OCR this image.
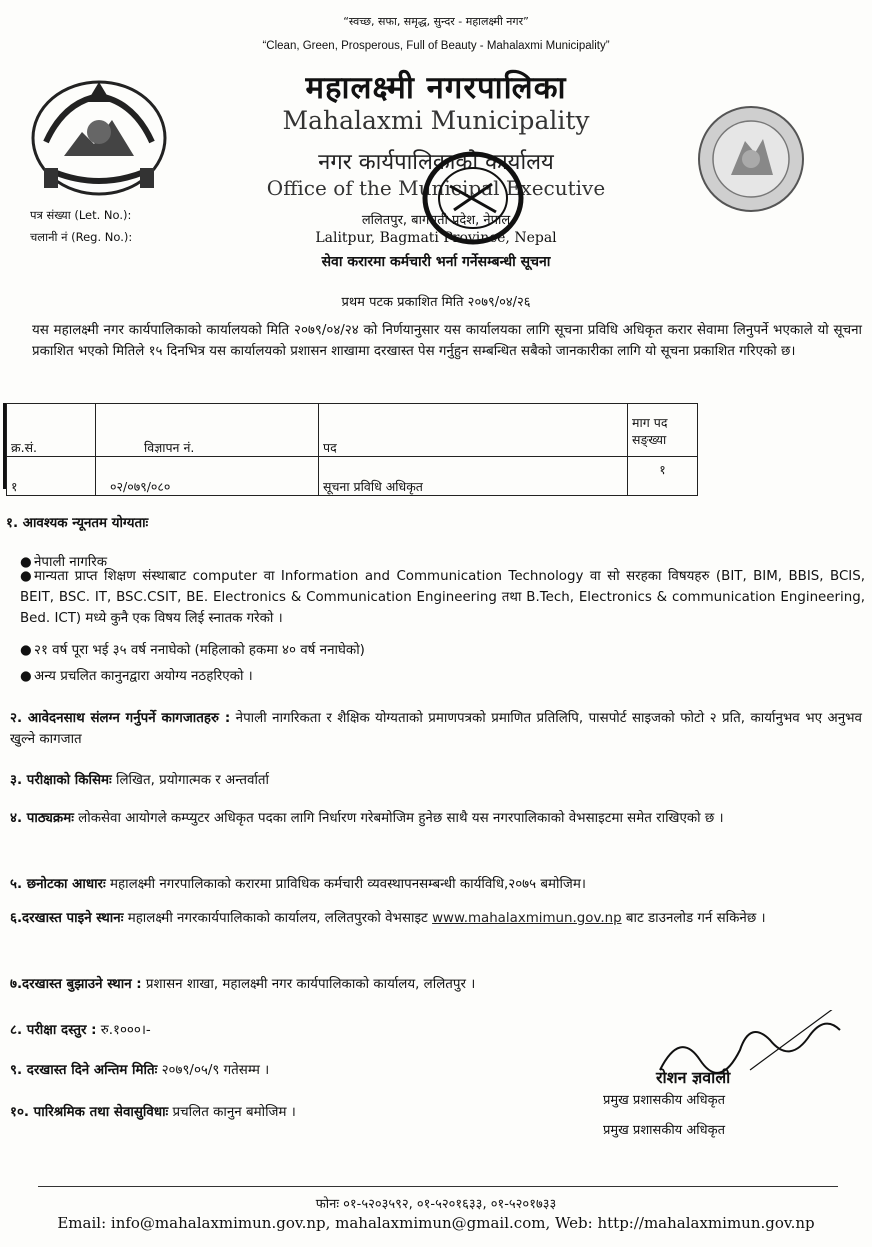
“स्वच्छ, सफा, समृद्ध, सुन्दर - महालक्ष्मी नगर”
“Clean, Green, Prosperous, Full of Beauty - Mahalaxmi Municipality”
महालक्ष्मी नगरपालिका
Mahalaxmi Municipality
नगर कार्यपालिकाको कार्यालय
Office of the Municipal Executive
ललितपुर, बागमती प्रदेश, नेपाल
Lalitpur, Bagmati Province, Nepal
पत्र संख्या (Let. No.):
चलानी नं (Reg. No.):
सेवा करारमा कर्मचारी भर्ना गर्नेसम्बन्धी सूचना
प्रथम पटक प्रकाशित मिति २०७९/०४/२६
यस महालक्ष्मी नगर कार्यपालिकाको कार्यालयको मिति २०७९/०४/२४ को निर्णयानुसार यस कार्यालयका लागि सूचना प्रविधि अधिकृत करार सेवामा लिनुपर्ने भएकाले यो सूचना प्रकाशित भएको मितिले १५ दिनभित्र यस कार्यालयको प्रशासन शाखामा दरखास्त पेस गर्नुहुन सम्बन्धित सबैको जानकारीका लागि यो सूचना प्रकाशित गरिएको छ।
क्र.सं.	विज्ञापन नं.	पद	माग पद सङ्ख्या
१	०२/०७९/०८०	सूचना प्रविधि अधिकृत	१
१. आवश्यक न्यूनतम योग्यताः
● नेपाली नागरिक
● मान्यता प्राप्त शिक्षण संस्थाबाट computer वा Information and Communication Technology वा सो सरहका विषयहरु (BIT, BIM, BBIS, BCIS, BEIT, BSC. IT, BSC.CSIT, BE. Electronics & Communication Engineering तथा B.Tech, Electronics & communication Engineering, Bed. ICT) मध्ये कुनै एक विषय लिई स्नातक गरेको ।
● २१ वर्ष पूरा भई ३५ वर्ष ननाघेको (महिलाको हकमा ४० वर्ष ननाघेको)
● अन्य प्रचलित कानुनद्वारा अयोग्य नठहरिएको ।
२. आवेदनसाथ संलग्न गर्नुपर्ने कागजातहरु : नेपाली नागरिकता र शैक्षिक योग्यताको प्रमाणपत्रको प्रमाणित प्रतिलिपि, पासपोर्ट साइजको फोटो २ प्रति, कार्यानुभव भए अनुभव खुल्ने कागजात
३. परीक्षाको किसिमः लिखित, प्रयोगात्मक र अन्तर्वार्ता
४. पाठ्यक्रमः लोकसेवा आयोगले कम्प्युटर अधिकृत पदका लागि निर्धारण गरेबमोजिम हुनेछ साथै यस नगरपालिकाको वेभसाइटमा समेत राखिएको छ ।
५. छनोटका आधारः महालक्ष्मी नगरपालिकाको करारमा प्राविधिक कर्मचारी व्यवस्थापनसम्बन्धी कार्यविधि,२०७५ बमोजिम।
६.दरखास्त पाइने स्थानः महालक्ष्मी नगरकार्यपालिकाको कार्यालय, ललितपुरको वेभसाइट www.mahalaxmimun.gov.np बाट डाउनलोड गर्न सकिनेछ ।
७.दरखास्त बुझाउने स्थान : प्रशासन शाखा, महालक्ष्मी नगर कार्यपालिकाको कार्यालय, ललितपुर ।
८. परीक्षा दस्तुर : रु.१०००।-
९. दरखास्त दिने अन्तिम मितिः २०७९/०५/९ गतेसम्म ।
१०. पारिश्रमिक तथा सेवासुविधाः प्रचलित कानुन बमोजिम ।
रोशन ज्ञवाली
प्रमुख प्रशासकीय अधिकृत
प्रमुख प्रशासकीय अधिकृत
फोनः ०१-५२०३५९२, ०१-५२०१६३३, ०१-५२०१७३३
Email: info@mahalaxmimun.gov.np, mahalaxmimun@gmail.com, Web: http://mahalaxmimun.gov.np
